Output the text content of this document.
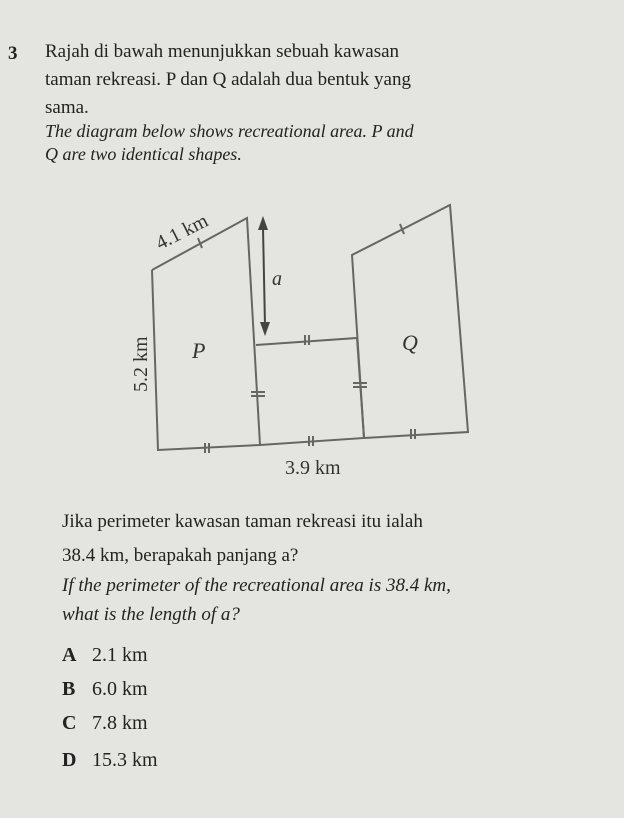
3 Rajah di bawah menunjukkan sebuah kawasan
taman rekreasi. P dan Q adalah dua bentuk yang
sama.
The diagram below shows recreational area. P and
Q are two identical shapes.
a
P	Q
5.2 km
4.1 km
3.9 km
Jika perimeter kawasan taman rekreasi itu ialah
38.4 km, berapakah panjang a?
If the perimeter of the recreational area is 38.4 km,
what is the length of a?
A 2.1 km
B 6.0 km
C 7.8 km
D 15.3 km
